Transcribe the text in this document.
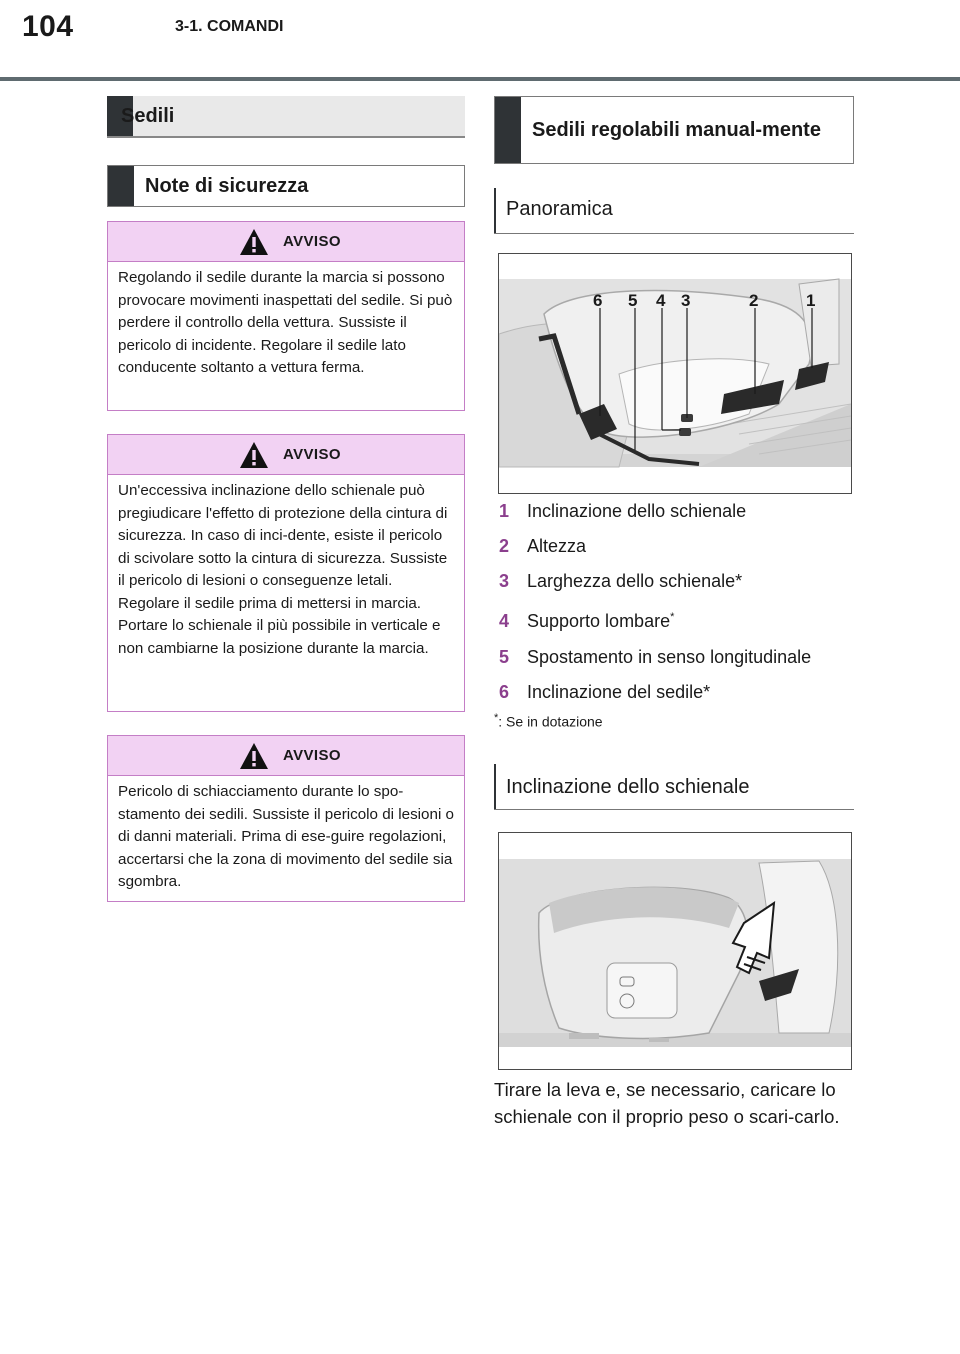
104	3-1. COMANDI
Sedili
Note di sicurezza
AVVISO
Regolando il sedile durante la marcia si possono provocare movimenti inaspettati del sedile. Si può perdere il controllo della vettura. Sussiste il pericolo di incidente. Regolare il sedile lato conducente soltanto a vettura ferma.
AVVISO
Un'eccessiva inclinazione dello schienale può pregiudicare l'effetto di protezione della cintura di sicurezza. In caso di inci-dente, esiste il pericolo di scivolare sotto la cintura di sicurezza. Sussiste il pericolo di lesioni o conseguenze letali. Regolare il sedile prima di mettersi in marcia. Portare lo schienale il più possibile in verticale e non cambiarne la posizione durante la marcia.
AVVISO
Pericolo di schiacciamento durante lo spo-stamento dei sedili. Sussiste il pericolo di lesioni o di danni materiali. Prima di ese-guire regolazioni, accertarsi che la zona di movimento del sedile sia sgombra.
Sedili regolabili manual-mente
Panoramica
6 5 4 3	2	1
1 Inclinazione dello schienale
2 Altezza
3 Larghezza dello schienale*
4 Supporto lombare*
5 Spostamento in senso longitudinale
6 Inclinazione del sedile*
*: Se in dotazione
Inclinazione dello schienale
Tirare la leva e, se necessario, caricare lo schienale con il proprio peso o scari-carlo.
